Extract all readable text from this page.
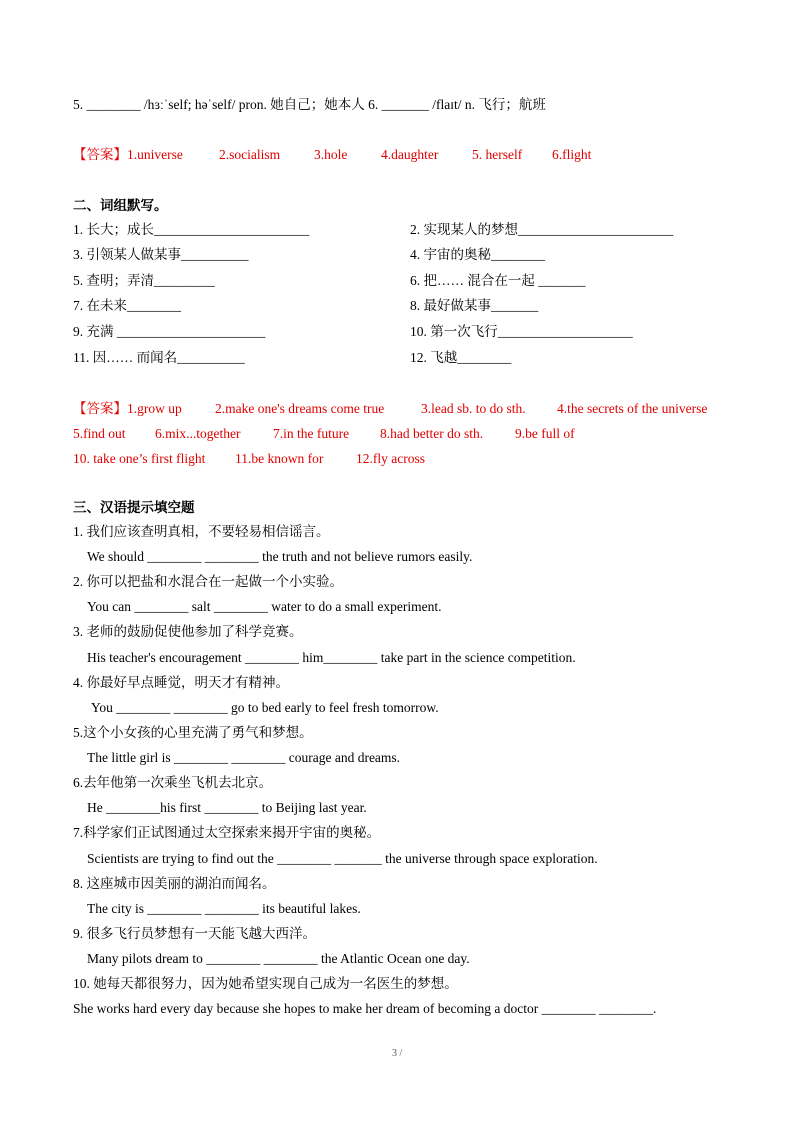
5. ________ /hɜːˈself; həˈself/ pron. 她自己；她本人 6. _______ /flaɪt/ n. 飞行；航班
【答案】1.universe	2.socialism	3.hole 4.daughter 5. herself 6.flight
二、词组默写。
1. 长大；成长_______________________	2. 实现某人的梦想_______________________
3. 引领某人做某事__________	4. 宇宙的奥秘________
5. 查明；弄清_________	6. 把…… 混合在一起 _______
7. 在未来________	8. 最好做某事_______
9. 充满 ______________________	10. 第一次飞行____________________
11. 因…… 而闻名__________	12. 飞越________
【答案】1.grow up 2.make one's dreams come true	3.lead sb. to do sth. 4.the secrets of the universe
5.find out 6.mix...together 7.in the future 8.had better do sth. 9.be full of
10. take one’s first flight 11.be known for 12.fly across
三、汉语提示填空题
1. 我们应该查明真相，不要轻易相信谣言。
We should ________ ________ the truth and not believe rumors easily.
2. 你可以把盐和水混合在一起做一个小实验。
You can ________ salt ________ water to do a small experiment.
3. 老师的鼓励促使他参加了科学竞赛。
His teacher's encouragement ________ him________ take part in the science competition.
4. 你最好早点睡觉，明天才有精神。
You ________ ________ go to bed early to feel fresh tomorrow.
5.这个小女孩的心里充满了勇气和梦想。
The little girl is ________ ________ courage and dreams.
6.去年他第一次乘坐飞机去北京。
He ________his first ________ to Beijing last year.
7.科学家们正试图通过太空探索来揭开宇宙的奥秘。
Scientists are trying to find out the ________ _______ the universe through space exploration.
8. 这座城市因美丽的湖泊而闻名。
The city is ________ ________ its beautiful lakes.
9. 很多飞行员梦想有一天能飞越大西洋。
Many pilots dream to ________ ________ the Atlantic Ocean one day.
10. 她每天都很努力，因为她希望实现自己成为一名医生的梦想。
She works hard every day because she hopes to make her dream of becoming a doctor ________ ________.
3 /
